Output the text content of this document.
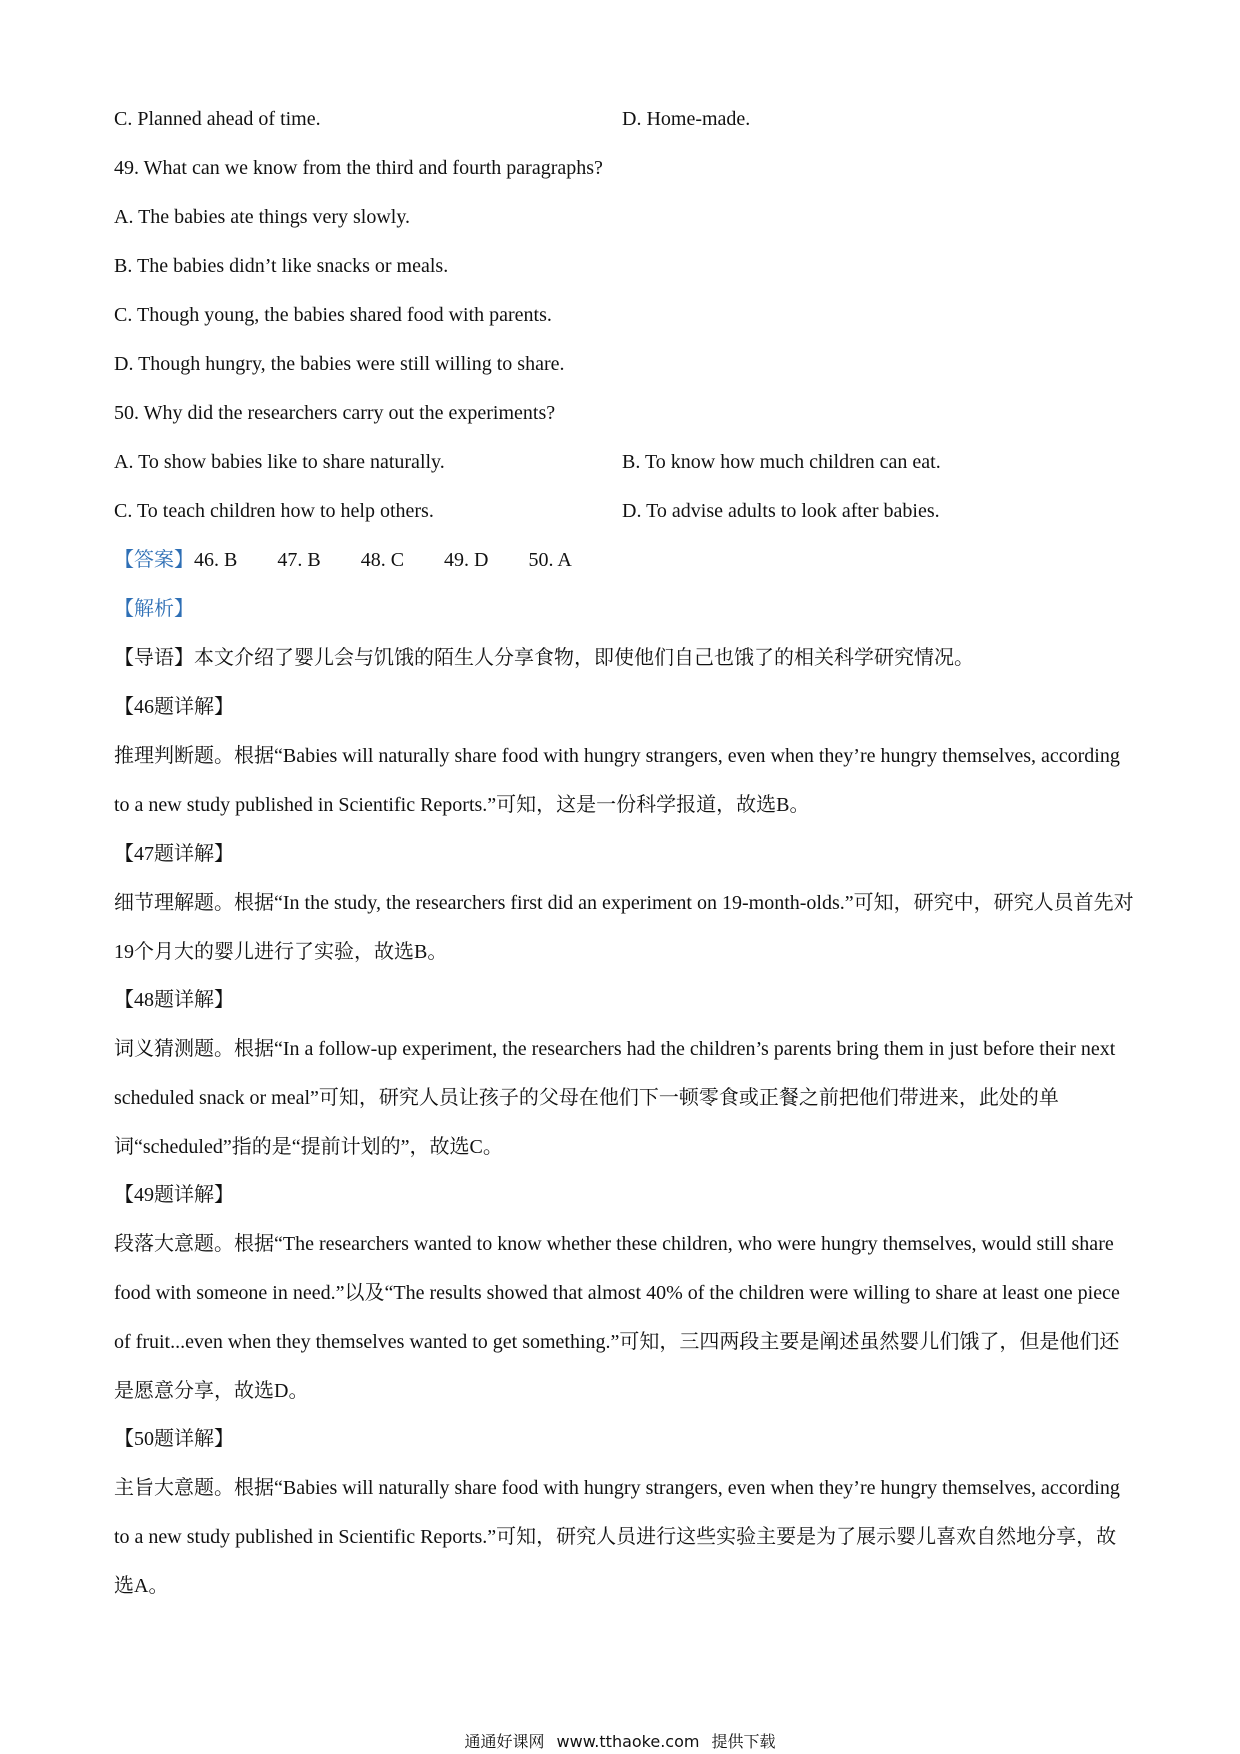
C. Planned ahead of time.	D. Home-made.
49. What can we know from the third and fourth paragraphs?
A. The babies ate things very slowly.
B. The babies didn’t like snacks or meals.
C. Though young, the babies shared food with parents.
D. Though hungry, the babies were still willing to share.
50. Why did the researchers carry out the experiments?
A. To show babies like to share naturally.	B. To know how much children can eat.
C. To teach children how to help others.	D. To advise adults to look after babies.
【答案】46. B 47. B 48. C 49. D 50. A
【解析】
【导语】本文介绍了婴儿会与饥饿的陌生人分享食物，即使他们自己也饿了的相关科学研究情况。
【46题详解】
推理判断题。根据“Babies will naturally share food with hungry strangers, even when they’re hungry themselves, according to a new study published in Scientific Reports.”可知，这是一份科学报道，故选B。
【47题详解】
细节理解题。根据“In the study, the researchers first did an experiment on 19-month-olds.”可知，研究中，研究人员首先对19个月大的婴儿进行了实验，故选B。
【48题详解】
词义猜测题。根据“In a follow-up experiment, the researchers had the children’s parents bring them in just before their next scheduled snack or meal”可知，研究人员让孩子的父母在他们下一顿零食或正餐之前把他们带进来，此处的单词“scheduled”指的是“提前计划的”，故选C。
【49题详解】
段落大意题。根据“The researchers wanted to know whether these children, who were hungry themselves, would still share food with someone in need.”以及“The results showed that almost 40% of the children were willing to share at least one piece of fruit...even when they themselves wanted to get something.”可知，三四两段主要是阐述虽然婴儿们饿了，但是他们还是愿意分享，故选D。
【50题详解】
主旨大意题。根据“Babies will naturally share food with hungry strangers, even when they’re hungry themselves, according to a new study published in Scientific Reports.”可知，研究人员进行这些实验主要是为了展示婴儿喜欢自然地分享，故选A。
通通好课网 www.tthaoke.com 提供下载
